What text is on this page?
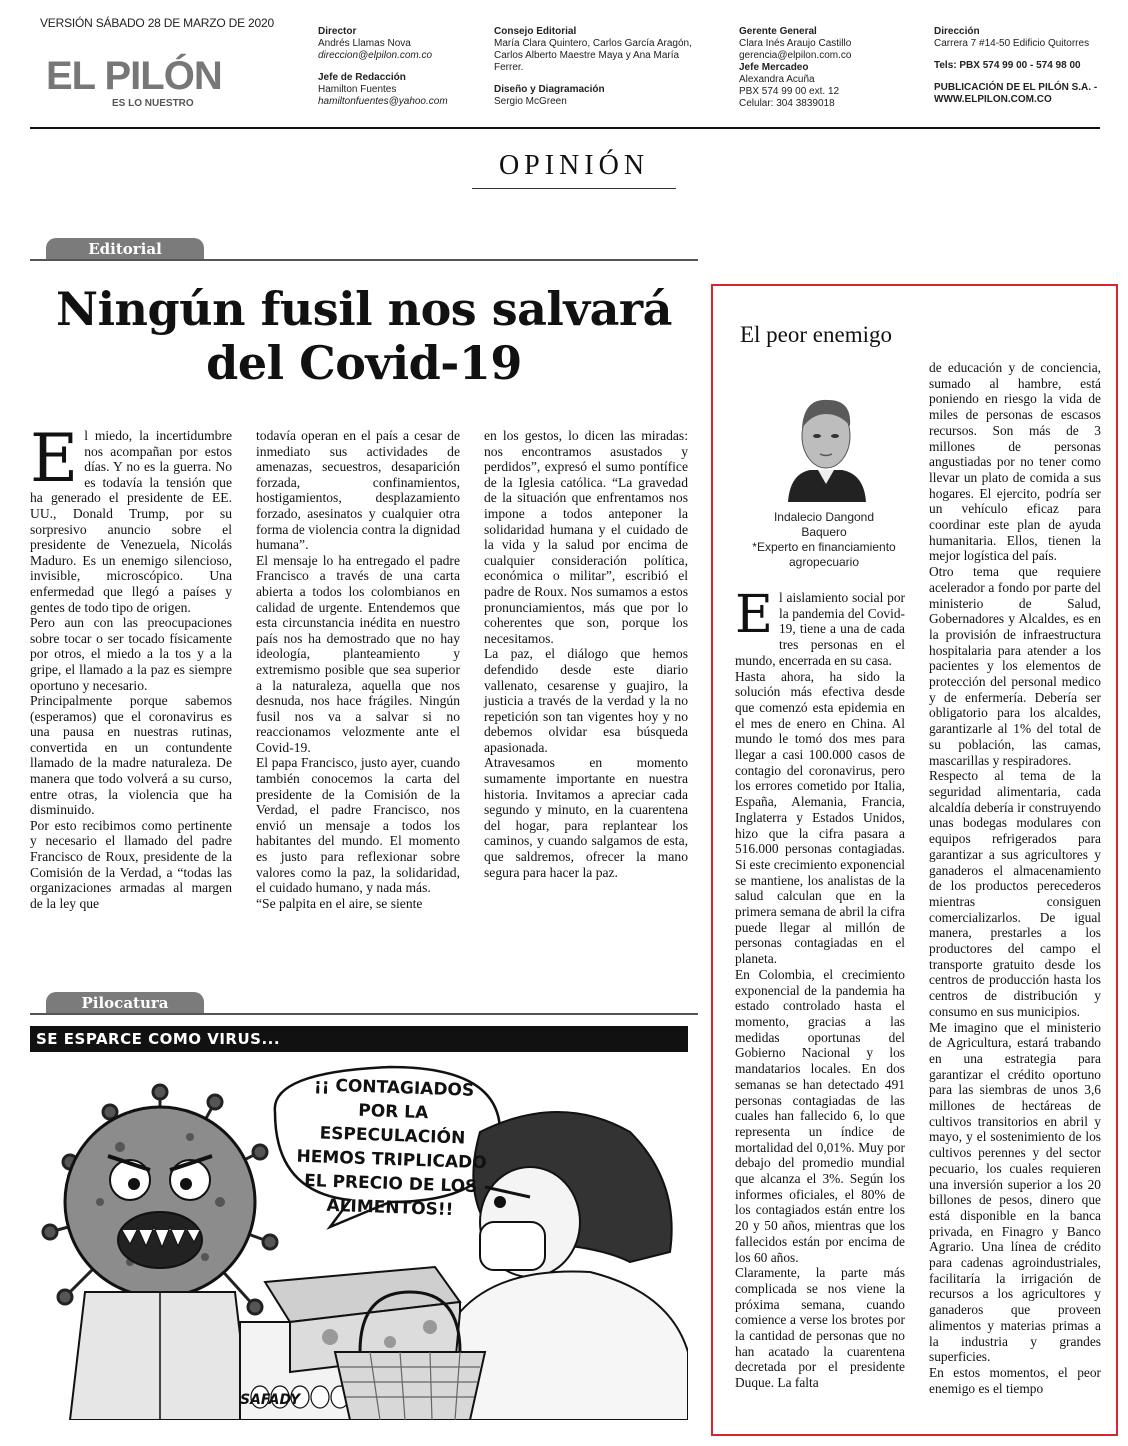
VERSIÓN SÁBADO 28 DE MARZO DE 2020
EL PILÓN
ES LO NUESTRO
Director
Andrés Llamas Nova
direccion@elpilon.com.co
Jefe de Redacción
Hamilton Fuentes
hamiltonfuentes@yahoo.com
Consejo Editorial
María Clara Quintero, Carlos García Aragón,
Carlos Alberto Maestre Maya y Ana María
Ferrer.
Diseño y Diagramación
Sergio McGreen
Gerente General
Clara Inés Araujo Castillo
gerencia@elpilon.com.co
Jefe Mercadeo
Alexandra Acuña
PBX 574 99 00 ext. 12
Celular: 304 3839018
Dirección
Carrera 7 #14-50 Edificio Quitorres
Tels: PBX 574 99 00 - 574 98 00
PUBLICACIÓN DE EL PILÓN S.A. -
WWW.ELPILON.COM.CO
OPINIÓN
Editorial
Ningún fusil nos salvará del Covid-19

El miedo, la incertidumbre nos acompañan por estos días. Y no es la guerra. No es todavía la tensión que ha generado el presidente de EE. UU., Donald Trump, por su sorpresivo anuncio sobre el presidente de Venezuela, Nicolás Maduro. Es un enemigo silencioso, invisible, microscópico. Una enfermedad que llegó a países y gentes de todo tipo de origen.

Pero aun con las preocupaciones sobre tocar o ser tocado físicamente por otros, el miedo a la tos y a la gripe, el llamado a la paz es siempre oportuno y necesario.

Principalmente porque sabemos (esperamos) que el coronavirus es una pausa en nuestras rutinas, convertida en un contundente llamado de la madre naturaleza. De manera que todo volverá a su curso, entre otras, la violencia que ha disminuido.

Por esto recibimos como pertinente y necesario el llamado del padre Francisco de Roux, presidente de la Comisión de la Verdad, a “todas las organizaciones armadas al margen de la ley que

todavía operan en el país a cesar de inmediato sus actividades de amenazas, secuestros, desaparición forzada, confinamientos, hostigamientos, desplazamiento forzado, asesinatos y cualquier otra forma de violencia contra la dignidad humana”.

El mensaje lo ha entregado el padre Francisco a través de una carta abierta a todos los colombianos en calidad de urgente. Entendemos que esta circunstancia inédita en nuestro país nos ha demostrado que no hay ideología, planteamiento y extremismo posible que sea superior a la naturaleza, aquella que nos desnuda, nos hace frágiles. Ningún fusil nos va a salvar si no reaccionamos velozmente ante el Covid-19.

El papa Francisco, justo ayer, cuando también conocemos la carta del presidente de la Comisión de la Verdad, el padre Francisco, nos envió un mensaje a todos los habitantes del mundo. El momento es justo para reflexionar sobre valores como la paz, la solidaridad, el cuidado humano, y nada más.

“Se palpita en el aire, se siente

en los gestos, lo dicen las miradas: nos encontramos asustados y perdidos”, expresó el sumo pontífice de la Iglesia católica. “La gravedad de la situación que enfrentamos nos impone a todos anteponer la solidaridad humana y el cuidado de la vida y la salud por encima de cualquier consideración política, económica o militar”, escribió el padre de Roux. Nos sumamos a estos pronunciamientos, más que por lo coherentes que son, porque los necesitamos.

La paz, el diálogo que hemos defendido desde este diario vallenato, cesarense y guajiro, la justicia a través de la verdad y la no repetición son tan vigentes hoy y no debemos olvidar esa búsqueda apasionada.

Atravesamos en momento sumamente importante en nuestra historia. Invitamos a apreciar cada segundo y minuto, en la cuarentena del hogar, para replantear los caminos, y cuando salgamos de esta, que saldremos, ofrecer la mano segura para hacer la paz.

Pilocatura
SE ESPARCE COMO VIRUS...
¡¡ CONTAGIADOS POR LA ESPECULACIÓN HEMOS TRIPLICADO EL PRECIO DE LOS ALIMENTOS!!
SAFADY
El peor enemigo
Indalecio Dangond
Baquero
*Experto en financiamiento
agropecuario

El aislamiento social por la pandemia del Covid-19, tiene a una de cada tres personas en el mundo, encerrada en su casa.

Hasta ahora, ha sido la solución más efectiva desde que comenzó esta epidemia en el mes de enero en China. Al mundo le tomó dos mes para llegar a casi 100.000 casos de contagio del coronavirus, pero los errores cometido por Italia, España, Alemania, Francia, Inglaterra y Estados Unidos, hizo que la cifra pasara a 516.000 personas contagiadas. Si este crecimiento exponencial se mantiene, los analistas de la salud calculan que en la primera semana de abril la cifra puede llegar al millón de personas contagiadas en el planeta.

En Colombia, el crecimiento exponencial de la pandemia ha estado controlado hasta el momento, gracias a las medidas oportunas del Gobierno Nacional y los mandatarios locales. En dos semanas se han detectado 491 personas contagiadas de las cuales han fallecido 6, lo que representa un índice de mortalidad del 0,01%. Muy por debajo del promedio mundial que alcanza el 3%. Según los informes oficiales, el 80% de los contagiados están entre los 20 y 50 años, mientras que los fallecidos están por encima de los 60 años.

Claramente, la parte más complicada se nos viene la próxima semana, cuando comience a verse los brotes por la cantidad de personas que no han acatado la cuarentena decretada por el presidente Duque. La falta

de educación y de conciencia, sumado al hambre, está poniendo en riesgo la vida de miles de personas de escasos recursos. Son más de 3 millones de personas angustiadas por no tener como llevar un plato de comida a sus hogares. El ejercito, podría ser un vehículo eficaz para coordinar este plan de ayuda humanitaria. Ellos, tienen la mejor logística del país.

Otro tema que requiere acelerador a fondo por parte del ministerio de Salud, Gobernadores y Alcaldes, es en la provisión de infraestructura hospitalaria para atender a los pacientes y los elementos de protección del personal medico y de enfermería. Debería ser obligatorio para los alcaldes, garantizarle al 1% del total de su población, las camas, mascarillas y respiradores.

Respecto al tema de la seguridad alimentaria, cada alcaldía debería ir construyendo unas bodegas modulares con equipos refrigerados para garantizar a sus agricultores y ganaderos el almacenamiento de los productos perecederos mientras consiguen comercializarlos. De igual manera, prestarles a los productores del campo el transporte gratuito desde los centros de producción hasta los centros de distribución y consumo en sus municipios.

Me imagino que el ministerio de Agricultura, estará trabando en una estrategia para garantizar el crédito oportuno para las siembras de unos 3,6 millones de hectáreas de cultivos transitorios en abril y mayo, y el sostenimiento de los cultivos perennes y del sector pecuario, los cuales requieren una inversión superior a los 20 billones de pesos, dinero que está disponible en la banca privada, en Finagro y Banco Agrario. Una línea de crédito para cadenas agroindustriales, facilitaría la irrigación de recursos a los agricultores y ganaderos que proveen alimentos y materias primas a la industria y grandes superficies.

En estos momentos, el peor enemigo es el tiempo
